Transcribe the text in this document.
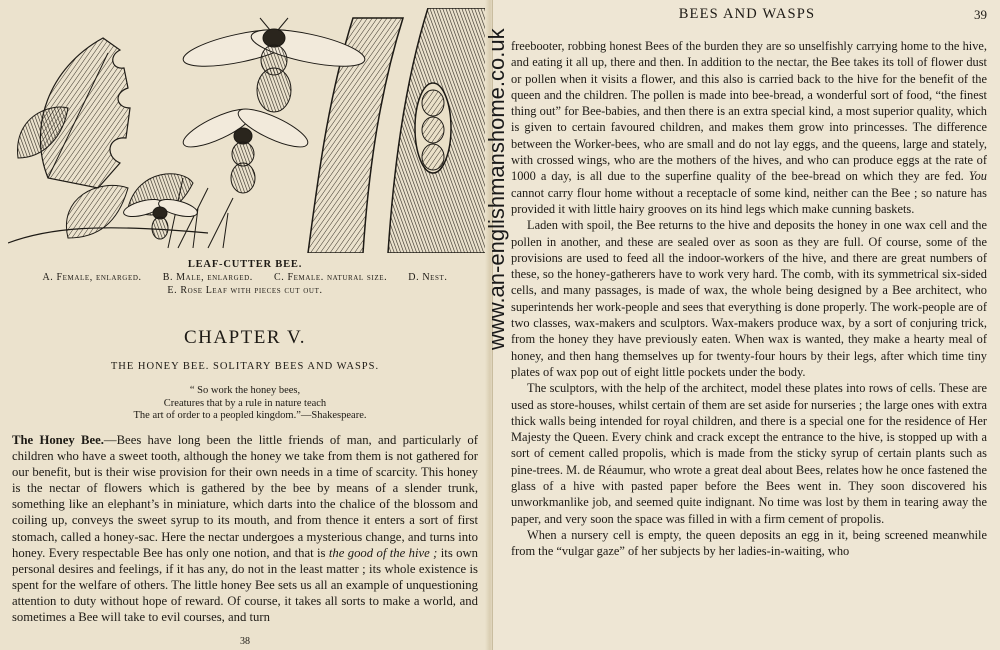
LEAF-CUTTER BEE.
A. Female, enlarged. B. Male, enlarged. C. Female. natural size. D. Nest.
E. Rose Leaf with pieces cut out.
CHAPTER V.
THE HONEY BEE. SOLITARY BEES AND WASPS.
“ So work the honey bees,
Creatures that by a rule in nature teach
The art of order to a peopled kingdom.”—Shakespeare.
The Honey Bee.—Bees have long been the little friends of man, and particularly of children who have a sweet tooth, although the honey we take from them is not gathered for our benefit, but is their wise provision for their own needs in a time of scarcity. This honey is the nectar of flowers which is gathered by the bee by means of a slender trunk, something like an elephant’s in miniature, which darts into the chalice of the blossom and coiling up, conveys the sweet syrup to its mouth, and from thence it enters a sort of first stomach, called a honey-sac. Here the nectar undergoes a mysterious change, and turns into honey. Every respectable Bee has only one notion, and that is the good of the hive ; its own personal desires and feelings, if it has any, do not in the least matter ; its whole existence is spent for the welfare of others. The little honey Bee sets us all an example of unquestioning attention to duty without hope of reward. Of course, it takes all sorts to make a world, and sometimes a Bee will take to evil courses, and turn
38
BEES AND WASPS	39

freebooter, robbing honest Bees of the burden they are so unselfishly carrying home to the hive, and eating it all up, there and then. In addition to the nectar, the Bee takes its toll of flower dust or pollen when it visits a flower, and this also is carried back to the hive for the benefit of the queen and the children. The pollen is made into bee-bread, a wonderful sort of food, “the finest thing out” for Bee-babies, and then there is an extra special kind, a most superior quality, which is given to certain favoured children, and makes them grow into princesses. The difference between the Worker-bees, who are small and do not lay eggs, and the queens, large and stately, with crossed wings, who are the mothers of the hives, and who can produce eggs at the rate of 1000 a day, is all due to the superfine quality of the bee-bread on which they are fed. You cannot carry flour home without a receptacle of some kind, neither can the Bee ; so nature has provided it with little hairy grooves on its hind legs which make cunning baskets.

Laden with spoil, the Bee returns to the hive and deposits the honey in one wax cell and the pollen in another, and these are sealed over as soon as they are full. Of course, some of the provisions are used to feed all the indoor-workers of the hive, and there are great numbers of these, so the honey-gatherers have to work very hard. The comb, with its symmetrical six-sided cells, and many passages, is made of wax, the whole being designed by a Bee architect, who superintends her work-people and sees that everything is done properly. The work-people are of two classes, wax-makers and sculptors. Wax-makers produce wax, by a sort of conjuring trick, from the honey they have previously eaten. When wax is wanted, they make a hearty meal of honey, and then hang themselves up for twenty-four hours by their legs, after which time tiny plates of wax pop out of eight little pockets under the body.

The sculptors, with the help of the architect, model these plates into rows of cells. These are used as store-houses, whilst certain of them are set aside for nurseries ; the large ones with extra thick walls being intended for royal children, and there is a special one for the residence of Her Majesty the Queen. Every chink and crack except the entrance to the hive, is stopped up with a sort of cement called propolis, which is made from the sticky syrup of certain plants such as pine-trees. M. de Réaumur, who wrote a great deal about Bees, relates how he once fastened the glass of a hive with pasted paper before the Bees went in. They soon discovered his unworkmanlike job, and seemed quite indignant. No time was lost by them in tearing away the paper, and very soon the space was filled in with a firm cement of propolis.

When a nursery cell is empty, the queen deposits an egg in it, being screened meanwhile from the “vulgar gaze” of her subjects by her ladies-in-waiting, who

www.an-englishmanshome.co.uk
